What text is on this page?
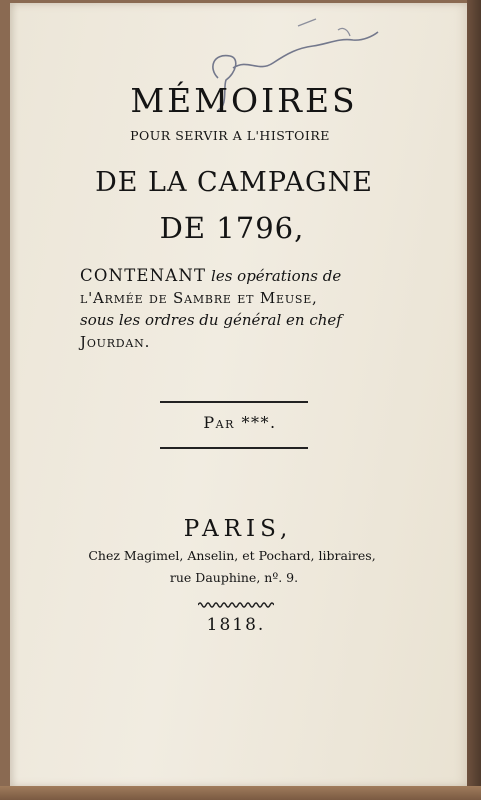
MÉMOIRES
POUR SERVIR A L'HISTOIRE
DE LA CAMPAGNE
DE 1796,
CONTENANT les opérations de
l'Armée de Sambre et Meuse,
sous les ordres du général en chef
Jourdan.
Par ***.
PARIS,
Chez Magimel, Anselin, et Pochard, libraires,
rue Dauphine, nº. 9.
1818.
